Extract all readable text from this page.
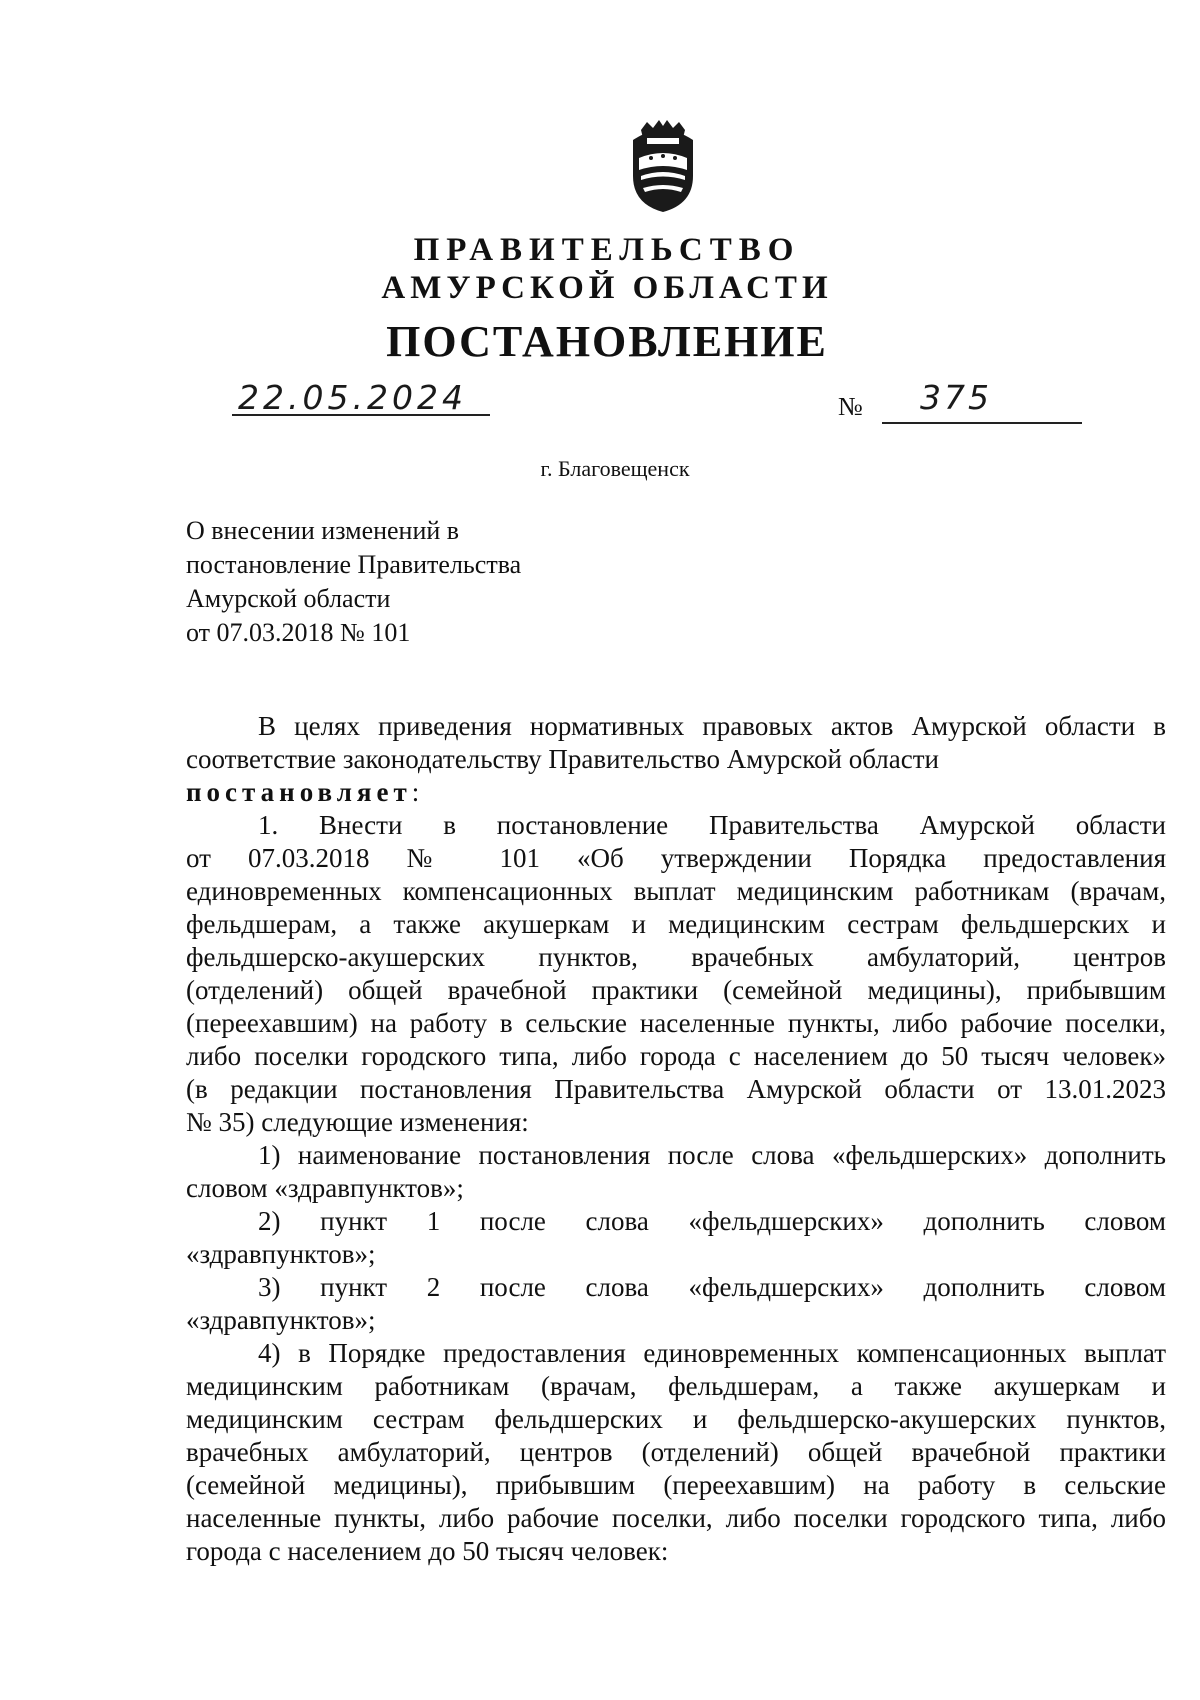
ПРАВИТЕЛЬСТВО

АМУРСКОЙ ОБЛАСТИ

ПОСТАНОВЛЕНИЕ

22.05.2024	№ 375
г. Благовещенск
О внесении изменений в
постановление Правительства
Амурской области
от 07.03.2018 № 101

В целях приведения нормативных правовых актов Амурской области в

соответствие законодательству Правительство Амурской области

постановляет:

1. Внести в постановление Правительства Амурской области

от 07.03.2018 № 101 «Об утверждении Порядка предоставления

единовременных компенсационных выплат медицинским работникам (врачам,

фельдшерам, а также акушеркам и медицинским сестрам фельдшерских и

фельдшерско-акушерских пунктов, врачебных амбулаторий, центров

(отделений) общей врачебной практики (семейной медицины), прибывшим

(переехавшим) на работу в сельские населенные пункты, либо рабочие поселки,

либо поселки городского типа, либо города с населением до 50 тысяч человек»

(в редакции постановления Правительства Амурской области от 13.01.2023

№ 35) следующие изменения:

1) наименование постановления после слова «фельдшерских» дополнить

словом «здравпунктов»;

2) пункт 1 после слова «фельдшерских» дополнить словом

«здравпунктов»;

3) пункт 2 после слова «фельдшерских» дополнить словом

«здравпунктов»;

4) в Порядке предоставления единовременных компенсационных выплат

медицинским работникам (врачам, фельдшерам, а также акушеркам и

медицинским сестрам фельдшерских и фельдшерско-акушерских пунктов,

врачебных амбулаторий, центров (отделений) общей врачебной практики

(семейной медицины), прибывшим (переехавшим) на работу в сельские

населенные пункты, либо рабочие поселки, либо поселки городского типа, либо

города с населением до 50 тысяч человек:
